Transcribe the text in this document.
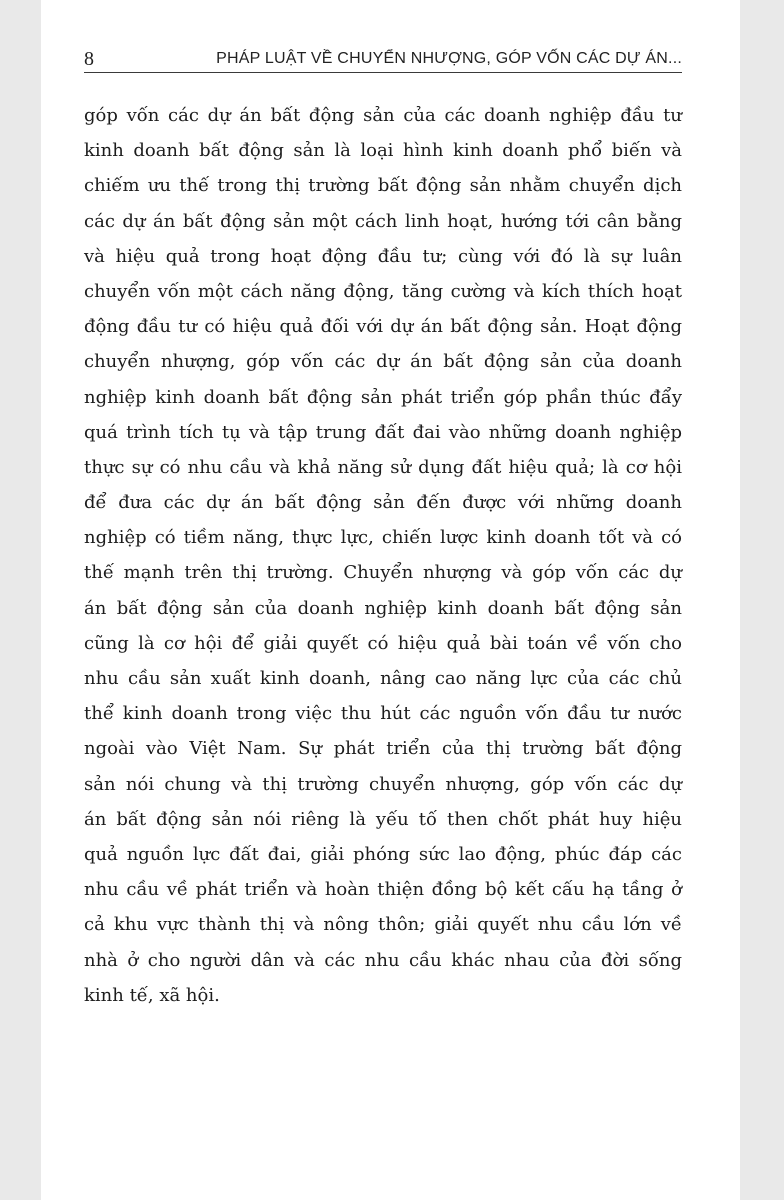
8	PHÁP LUẬT VỀ CHUYỂN NHƯỢNG, GÓP VỐN CÁC DỰ ÁN...
góp vốn các dự án bất động sản của các doanh nghiệp đầu tư
kinh doanh bất động sản là loại hình kinh doanh phổ biến và
chiếm ưu thế trong thị trường bất động sản nhằm chuyển dịch
các dự án bất động sản một cách linh hoạt, hướng tới cân bằng
và hiệu quả trong hoạt động đầu tư; cùng với đó là sự luân
chuyển vốn một cách năng động, tăng cường và kích thích hoạt
động đầu tư có hiệu quả đối với dự án bất động sản. Hoạt động
chuyển nhượng, góp vốn các dự án bất động sản của doanh
nghiệp kinh doanh bất động sản phát triển góp phần thúc đẩy
quá trình tích tụ và tập trung đất đai vào những doanh nghiệp
thực sự có nhu cầu và khả năng sử dụng đất hiệu quả; là cơ hội
để đưa các dự án bất động sản đến được với những doanh
nghiệp có tiềm năng, thực lực, chiến lược kinh doanh tốt và có
thế mạnh trên thị trường. Chuyển nhượng và góp vốn các dự
án bất động sản của doanh nghiệp kinh doanh bất động sản
cũng là cơ hội để giải quyết có hiệu quả bài toán về vốn cho
nhu cầu sản xuất kinh doanh, nâng cao năng lực của các chủ
thể kinh doanh trong việc thu hút các nguồn vốn đầu tư nước
ngoài vào Việt Nam. Sự phát triển của thị trường bất động
sản nói chung và thị trường chuyển nhượng, góp vốn các dự
án bất động sản nói riêng là yếu tố then chốt phát huy hiệu
quả nguồn lực đất đai, giải phóng sức lao động, phúc đáp các
nhu cầu về phát triển và hoàn thiện đồng bộ kết cấu hạ tầng ở
cả khu vực thành thị và nông thôn; giải quyết nhu cầu lớn về
nhà ở cho người dân và các nhu cầu khác nhau của đời sống
kinh tế, xã hội.
